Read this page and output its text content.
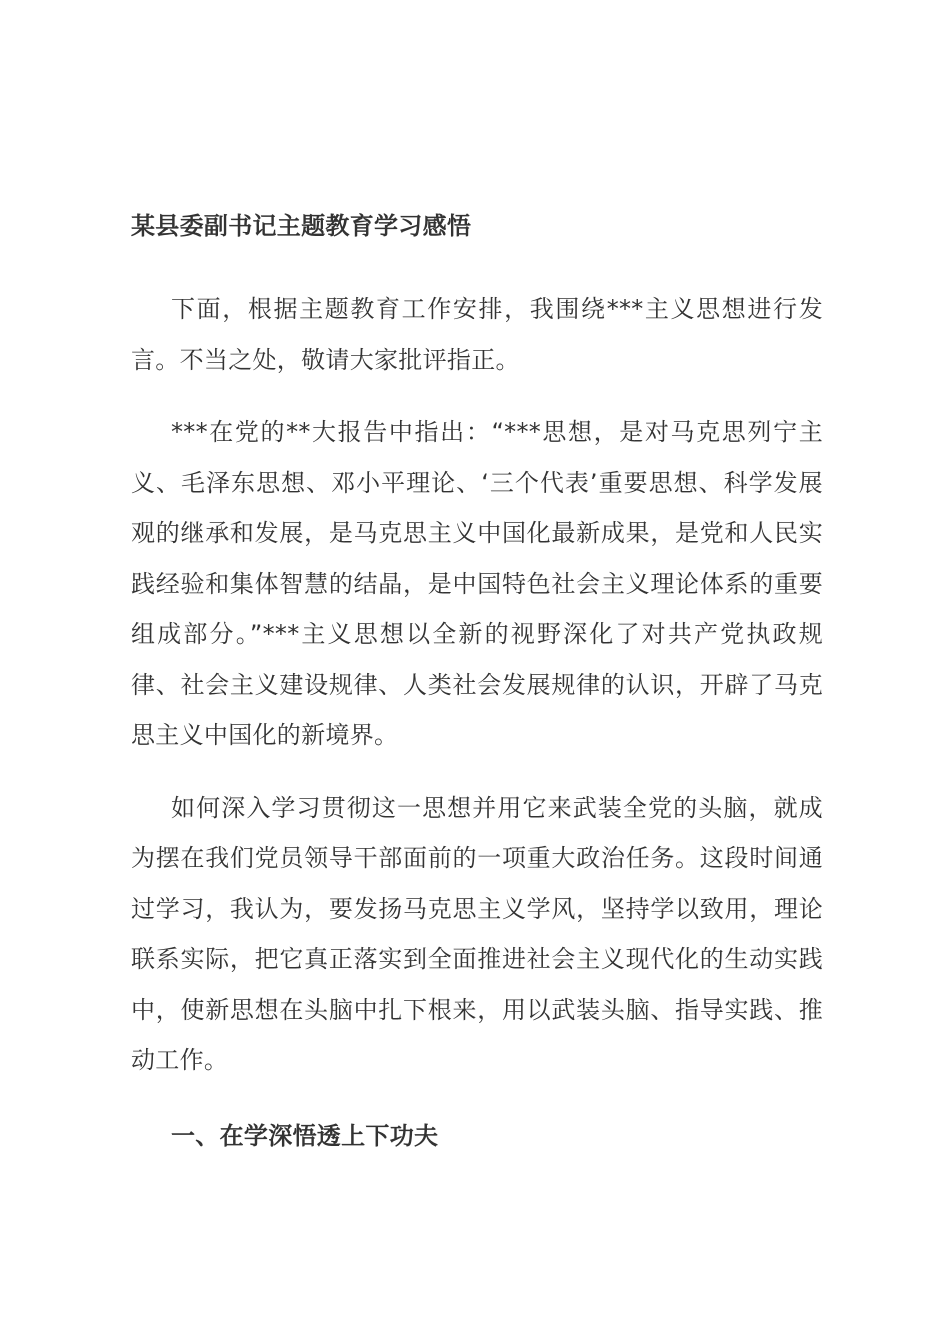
某县委副书记主题教育学习感悟

下面，根据主题教育工作安排，我围绕***主义思想进行发言。不当之处，敬请大家批评指正。

***在党的**大报告中指出：“***思想，是对马克思列宁主义、毛泽东思想、邓小平理论、‘三个代表’重要思想、科学发展观的继承和发展，是马克思主义中国化最新成果，是党和人民实践经验和集体智慧的结晶，是中国特色社会主义理论体系的重要组成部分。”***主义思想以全新的视野深化了对共产党执政规律、社会主义建设规律、人类社会发展规律的认识，开辟了马克思主义中国化的新境界。

如何深入学习贯彻这一思想并用它来武装全党的头脑，就成为摆在我们党员领导干部面前的一项重大政治任务。这段时间通过学习，我认为，要发扬马克思主义学风，坚持学以致用，理论联系实际，把它真正落实到全面推进社会主义现代化的生动实践中，使新思想在头脑中扎下根来，用以武装头脑、指导实践、推动工作。

一、在学深悟透上下功夫
